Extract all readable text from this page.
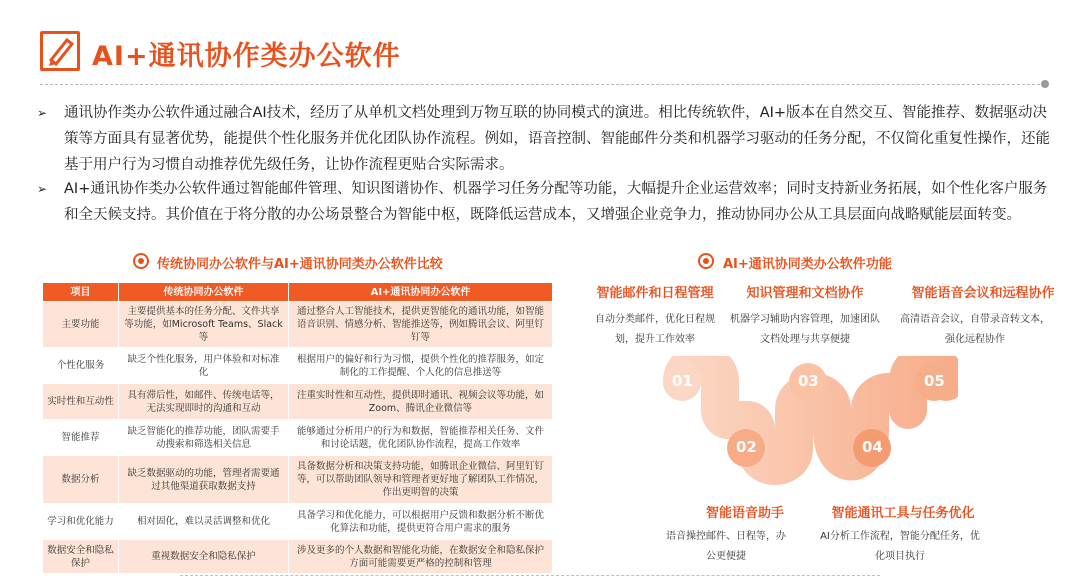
AI+通讯协作类办公软件
➢ 通讯协作类办公软件通过融合AI技术，经历了从单机文档处理到万物互联的协同模式的演进。相比传统软件，AI+版本在自然交互、智能推荐、数据驱动决策等方面具有显著优势，能提供个性化服务并优化团队协作流程。例如，语音控制、智能邮件分类和机器学习驱动的任务分配，不仅简化重复性操作，还能基于用户行为习惯自动推荐优先级任务，让协作流程更贴合实际需求。
➢ AI+通讯协作类办公软件通过智能邮件管理、知识图谱协作、机器学习任务分配等功能，大幅提升企业运营效率；同时支持新业务拓展，如个性化客户服务和全天候支持。其价值在于将分散的办公场景整合为智能中枢，既降低运营成本，又增强企业竞争力，推动协同办公从工具层面向战略赋能层面转变。
传统协同办公软件与AI+通讯协同类办公软件比较
项目	传统协同办公软件	AI+通讯协同办公软件
主要功能	主要提供基本的任务分配、文件共享等功能，如Microsoft Teams、Slack等	通过整合人工智能技术，提供更智能化的通讯功能，如智能语音识别、情感分析、智能推送等，例如腾讯会议、阿里钉钉等
个性化服务	缺乏个性化服务，用户体验和对标准化	根据用户的偏好和行为习惯，提供个性化的推荐服务，如定制化的工作提醒、个人化的信息推送等
实时性和互动性	具有滞后性，如邮件、传统电话等，无法实现即时的沟通和互动	注重实时性和互动性，提供即时通讯、视频会议等功能，如Zoom、腾讯企业微信等
智能推荐	缺乏智能化的推荐功能，团队需要手动搜索和筛选相关信息	能够通过分析用户的行为和数据，智能推荐相关任务、文件和讨论话题，优化团队协作流程，提高工作效率
数据分析	缺乏数据驱动的功能，管理者需要通过其他渠道获取数据支持	具备数据分析和决策支持功能，如腾讯企业微信、阿里钉钉等，可以帮助团队领导和管理者更好地了解团队工作情况，作出更明智的决策
学习和优化能力	相对固化，难以灵活调整和优化	具备学习和优化能力，可以根据用户反馈和数据分析不断优化算法和功能，提供更符合用户需求的服务
数据安全和隐私保护	重视数据安全和隐私保护	涉及更多的个人数据和智能化功能，在数据安全和隐私保护方面可能需要更严格的控制和管理
AI+通讯协同类办公软件功能
01
02
03
04
05
智能邮件和日程管理
自动分类邮件，优化日程规划，提升工作效率
知识管理和文档协作
机器学习辅助内容管理，加速团队文档处理与共享便捷
智能语音会议和远程协作
高清语音会议，自带录音转文本，强化远程协作
智能语音助手
语音操控邮件、日程等，办公更便捷
智能通讯工具与任务优化
AI分析工作流程，智能分配任务，优化项目执行
